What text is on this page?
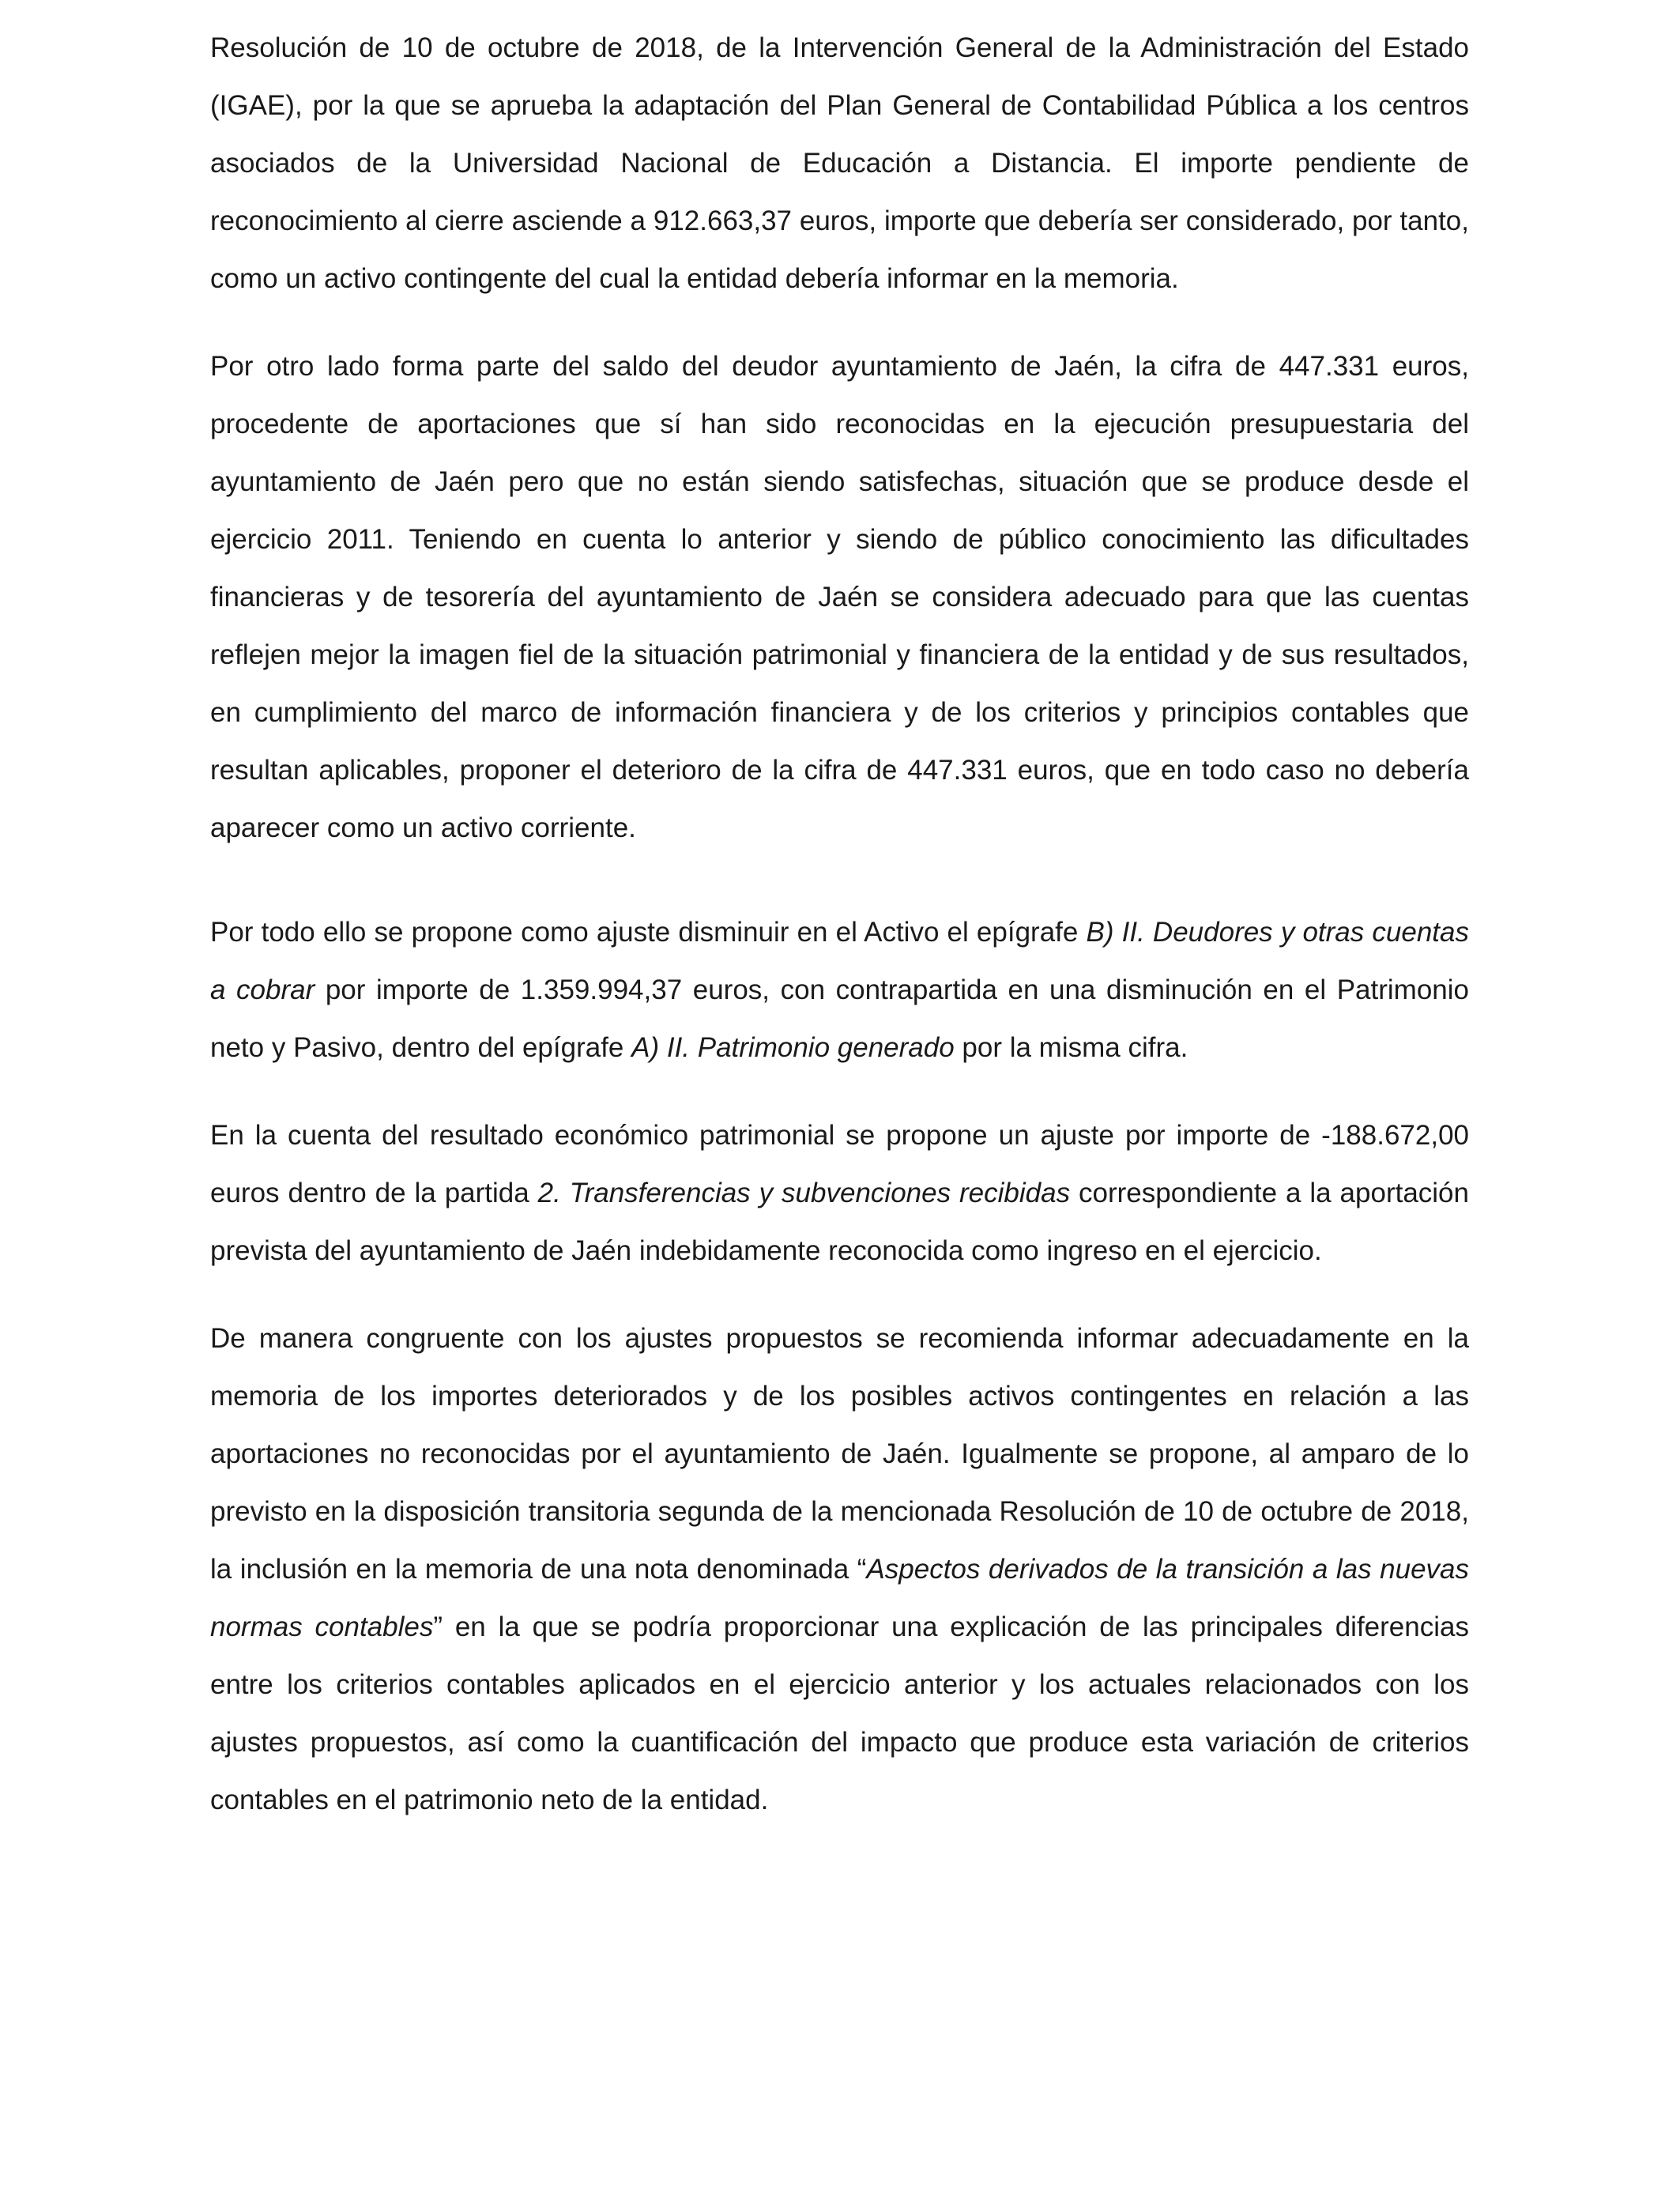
Resolución de 10 de octubre de 2018, de la Intervención General de la Administración del Estado (IGAE), por la que se aprueba la adaptación del Plan General de Contabilidad Pública a los centros asociados de la Universidad Nacional de Educación a Distancia. El importe pendiente de reconocimiento al cierre asciende a 912.663,37 euros, importe que debería ser considerado, por tanto, como un activo contingente del cual la entidad debería informar en la memoria.

Por otro lado forma parte del saldo del deudor ayuntamiento de Jaén, la cifra de 447.331 euros, procedente de aportaciones que sí han sido reconocidas en la ejecución presupuestaria del ayuntamiento de Jaén pero que no están siendo satisfechas, situación que se produce desde el ejercicio 2011. Teniendo en cuenta lo anterior y siendo de público conocimiento las dificultades financieras y de tesorería del ayuntamiento de Jaén se considera adecuado para que las cuentas reflejen mejor la imagen fiel de la situación patrimonial y financiera de la entidad y de sus resultados, en cumplimiento del marco de información financiera y de los criterios y principios contables que resultan aplicables, proponer el deterioro de la cifra de 447.331 euros, que en todo caso no debería aparecer como un activo corriente.

Por todo ello se propone como ajuste disminuir en el Activo el epígrafe B) II. Deudores y otras cuentas a cobrar por importe de 1.359.994,37 euros, con contrapartida en una disminución en el Patrimonio neto y Pasivo, dentro del epígrafe A) II. Patrimonio generado por la misma cifra.

En la cuenta del resultado económico patrimonial se propone un ajuste por importe de -188.672,00 euros dentro de la partida 2. Transferencias y subvenciones recibidas correspondiente a la aportación prevista del ayuntamiento de Jaén indebidamente reconocida como ingreso en el ejercicio.

De manera congruente con los ajustes propuestos se recomienda informar adecuadamente en la memoria de los importes deteriorados y de los posibles activos contingentes en relación a las aportaciones no reconocidas por el ayuntamiento de Jaén. Igualmente se propone, al amparo de lo previsto en la disposición transitoria segunda de la mencionada Resolución de 10 de octubre de 2018, la inclusión en la memoria de una nota denominada “Aspectos derivados de la transición a las nuevas normas contables” en la que se podría proporcionar una explicación de las principales diferencias entre los criterios contables aplicados en el ejercicio anterior y los actuales relacionados con los ajustes propuestos, así como la cuantificación del impacto que produce esta variación de criterios contables en el patrimonio neto de la entidad.
